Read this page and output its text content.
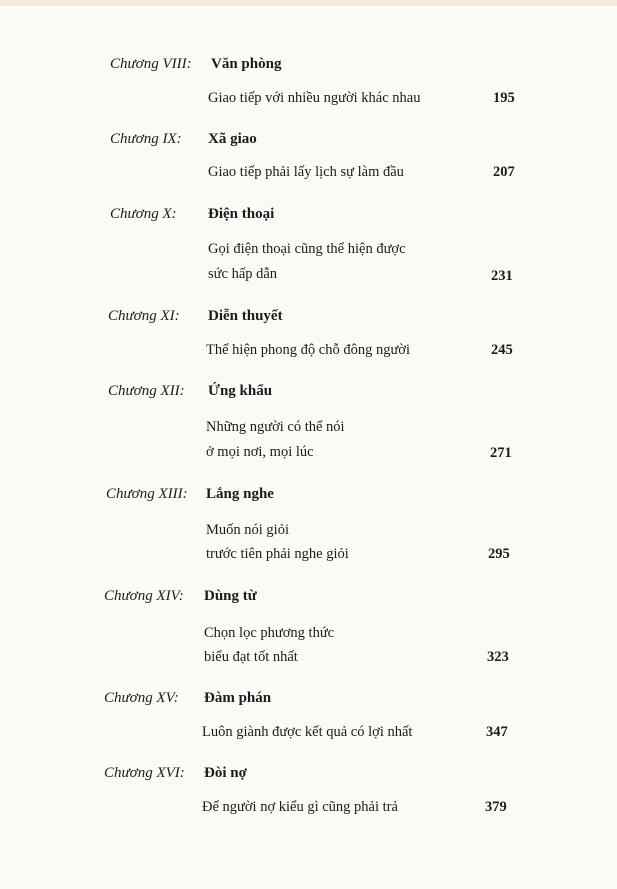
Chương VIII: Văn phòng
Giao tiếp với nhiều người khác nhau	195
Chương IX: Xã giao
Giao tiếp phải lấy lịch sự làm đầu	207
Chương X: Điện thoại
Gọi điện thoại cũng thể hiện được
sức hấp dẫn	231
Chương XI: Diễn thuyết
Thể hiện phong độ chỗ đông người	245
Chương XII: Ứng khẩu
Những người có thể nói
ở mọi nơi, mọi lúc	271
Chương XIII: Lắng nghe
Muốn nói giỏi
trước tiên phải nghe giỏi	295
Chương XIV: Dùng từ
Chọn lọc phương thức
biểu đạt tốt nhất	323
Chương XV: Đàm phán
Luôn giành được kết quả có lợi nhất	347
Chương XVI: Đòi nợ
Để người nợ kiểu gì cũng phải trả	379
